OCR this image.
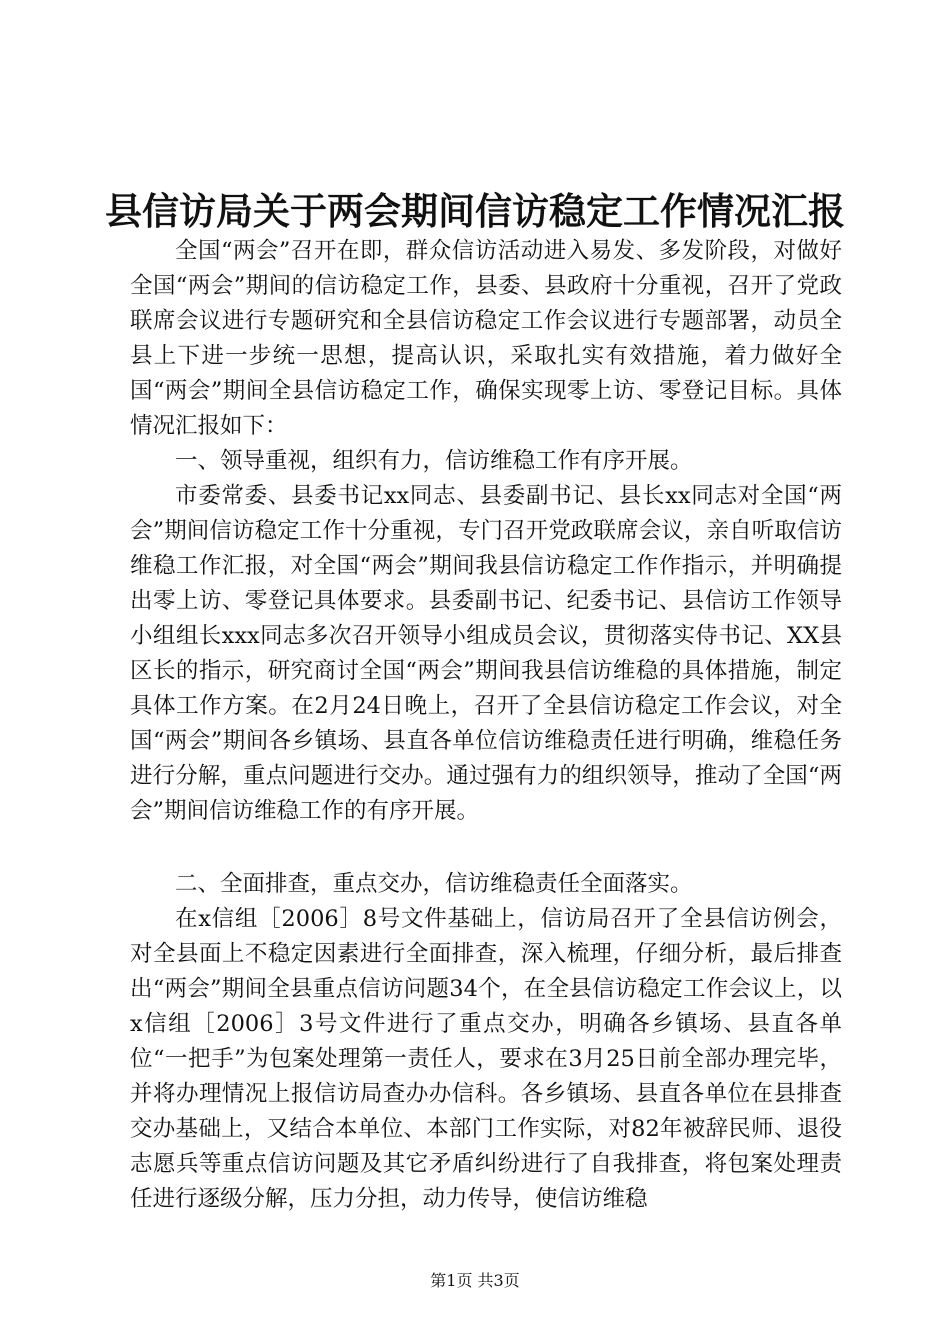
县信访局关于两会期间信访稳定工作情况汇报

全国“两会”召开在即，群众信访活动进入易发、多发阶段，对做好全国“两会”期间的信访稳定工作，县委、县政府十分重视，召开了党政联席会议进行专题研究和全县信访稳定工作会议进行专题部署，动员全县上下进一步统一思想，提高认识，采取扎实有效措施，着力做好全国“两会”期间全县信访稳定工作，确保实现零上访、零登记目标。具体情况汇报如下：

一、领导重视，组织有力，信访维稳工作有序开展。

市委常委、县委书记xx同志、县委副书记、县长xx同志对全国“两会”期间信访稳定工作十分重视，专门召开党政联席会议，亲自听取信访维稳工作汇报，对全国“两会”期间我县信访稳定工作作指示，并明确提出零上访、零登记具体要求。县委副书记、纪委书记、县信访工作领导小组组长xxx同志多次召开领导小组成员会议，贯彻落实侍书记、XX县区长的指示，研究商讨全国“两会”期间我县信访维稳的具体措施，制定具体工作方案。在2月24日晚上，召开了全县信访稳定工作会议，对全国“两会”期间各乡镇场、县直各单位信访维稳责任进行明确，维稳任务进行分解，重点问题进行交办。通过强有力的组织领导，推动了全国“两会”期间信访维稳工作的有序开展。

二、全面排查，重点交办，信访维稳责任全面落实。

在x信组［2006］8号文件基础上，信访局召开了全县信访例会，对全县面上不稳定因素进行全面排查，深入梳理，仔细分析，最后排查出“两会”期间全县重点信访问题34个，在全县信访稳定工作会议上，以x信组［2006］3号文件进行了重点交办，明确各乡镇场、县直各单位“一把手”为包案处理第一责任人，要求在3月25日前全部办理完毕，并将办理情况上报信访局查办办信科。各乡镇场、县直各单位在县排查交办基础上，又结合本单位、本部门工作实际，对82年被辞民师、退役志愿兵等重点信访问题及其它矛盾纠纷进行了自我排查，将包案处理责任进行逐级分解，压力分担，动力传导，使信访维稳

第1页 共3页
